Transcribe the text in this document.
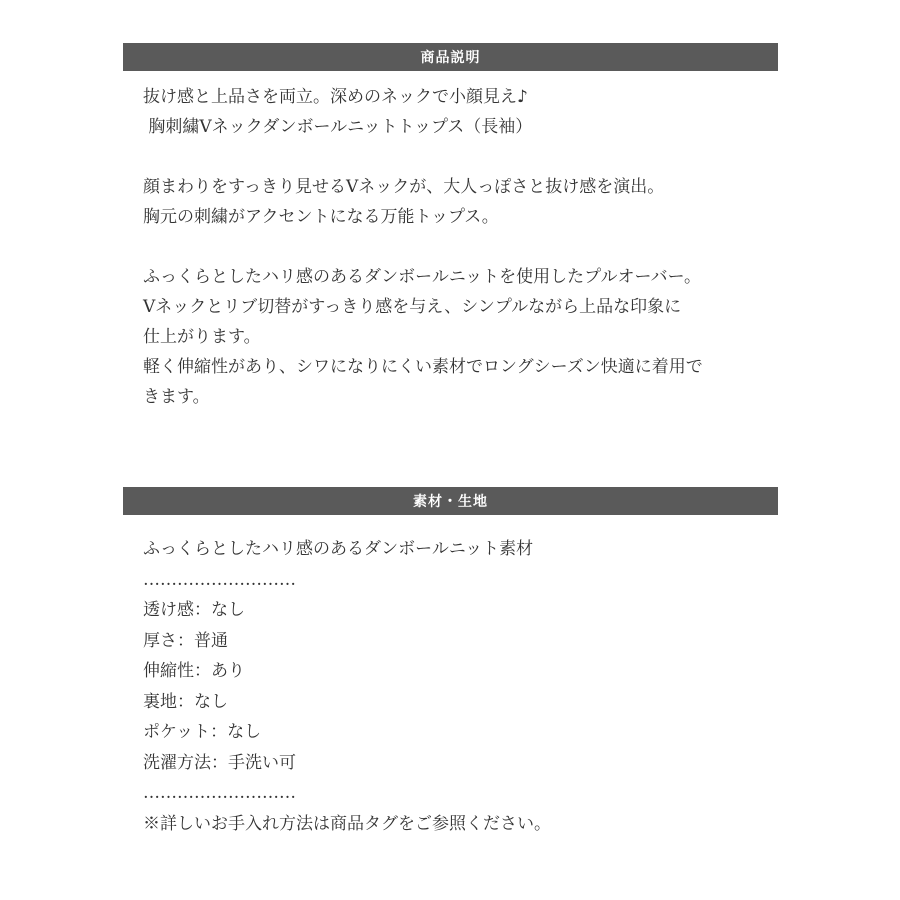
商品説明
抜け感と上品さを両立。深めのネックで小顔見え♪
胸刺繍Vネックダンボールニットトップス（長袖）
顔まわりをすっきり見せるVネックが、大人っぽさと抜け感を演出。
胸元の刺繍がアクセントになる万能トップス。
ふっくらとしたハリ感のあるダンボールニットを使用したプルオーバー。
Vネックとリブ切替がすっきり感を与え、シンプルながら上品な印象に
仕上がります。
軽く伸縮性があり、シワになりにくい素材でロングシーズン快適に着用で
きます。
素材・生地
ふっくらとしたハリ感のあるダンボールニット素材
………………………
透け感：なし
厚さ：普通
伸縮性：あり
裏地：なし
ポケット：なし
洗濯方法：手洗い可
………………………
※詳しいお手入れ方法は商品タグをご参照ください。
